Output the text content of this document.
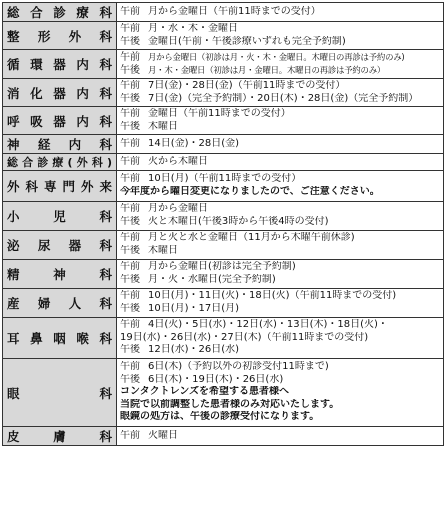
総合診療科	午前 月から金曜日（午前11時までの受付）

整形外科	午前 月・水・木・金曜日
午後 金曜日(午前・午後診療いずれも完全予約制)

循環器内科	午前 月から金曜日（初診は月・火・木・金曜日。木曜日の再診は予約のみ)
午後 月・木・金曜日（初診は月・金曜日。木曜日の再診は予約のみ）

消化器内科	午前 7日(金)・28日(金)（午前11時までの受付）
午後 7日(金)（完全予約制）・20日(木)・28日(金)（完全予約制）

呼吸器内科	午前 金曜日（午前11時までの受付）
午後 木曜日

神経内科	午前 14日(金)・28日(金)

総合診療(外科)	午前 火から木曜日

外科専門外来	午前 10日(月)（午前11時までの受付）
今年度から曜日変更になりましたので、ご注意ください。

小児科	午前 月から金曜日
午後 火と木曜日(午後3時から午後4時の受付)

泌尿器科	午前 月と火と水と金曜日（11月から木曜午前休診)
午後 木曜日

精神科	午前 月から金曜日(初診は完全予約制)
午後 月・火・水曜日(完全予約制)

産婦人科	午前 10日(月)・11日(火)・18日(火)（午前11時までの受付)
午後 10日(月)・17日(月)

耳鼻咽喉科	午前 4日(火)・5日(水)・12日(水)・13日(木)・18日(火)・
19日(水)・26日(水)・27日(木)（午前11時までの受付)
午後 12日(水)・26日(水)

眼科	午前 6日(木)（予約以外の初診受付11時まで)
午後 6日(木)・19日(木)・26日(水)
コンタクトレンズを希望する患者様へ
当院で以前調整した患者様のみ対応いたします。
眼鏡の処方は、午後の診療受付になります。

皮膚科	午前 火曜日
